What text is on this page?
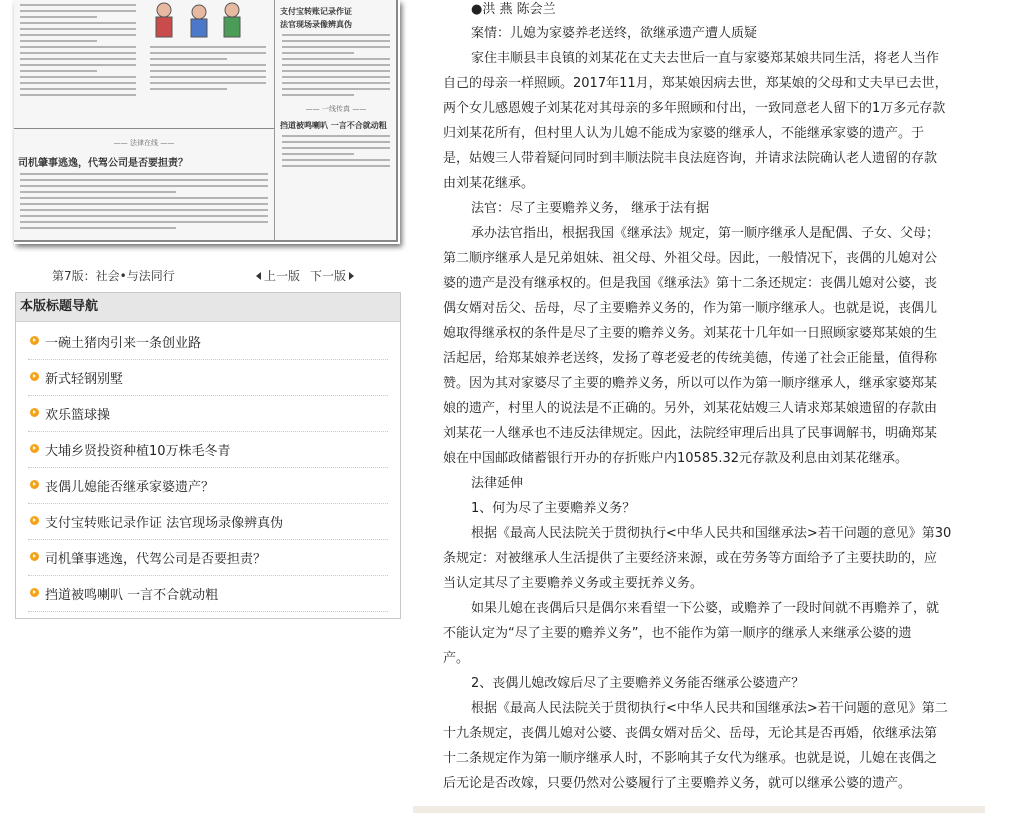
—— 法律在线 ——
司机肇事逃逸，代驾公司是否要担责？
支付宝转账记录作证
法官现场录像辨真伪
—— 一线传真 ——
挡道被鸣喇叭 一言不合就动粗
第7版：社会•与法同行	上一版 下一版
本版标题导航
一碗土猪肉引来一条创业路
新式轻钢别墅
欢乐篮球操
大埔乡贤投资种植10万株毛冬青
丧偶儿媳能否继承家婆遗产？
支付宝转账记录作证 法官现场录像辨真伪
司机肇事逃逸，代驾公司是否要担责？
挡道被鸣喇叭 一言不合就动粗
●洪 燕 陈会兰
案情：儿媳为家婆养老送终，欲继承遗产遭人质疑
家住丰顺县丰良镇的刘某花在丈夫去世后一直与家婆郑某娘共同生活，将老人当作
自己的母亲一样照顾。2017年11月，郑某娘因病去世，郑某娘的父母和丈夫早已去世，
两个女儿感恩嫂子刘某花对其母亲的多年照顾和付出，一致同意老人留下的1万多元存款
归刘某花所有，但村里人认为儿媳不能成为家婆的继承人，不能继承家婆的遗产。于
是，姑嫂三人带着疑问同时到丰顺法院丰良法庭咨询，并请求法院确认老人遗留的存款
由刘某花继承。
法官：尽了主要赡养义务， 继承于法有据
承办法官指出，根据我国《继承法》规定，第一顺序继承人是配偶、子女、父母；
第二顺序继承人是兄弟姐妹、祖父母、外祖父母。因此，一般情况下，丧偶的儿媳对公
婆的遗产是没有继承权的。但是我国《继承法》第十二条还规定：丧偶儿媳对公婆，丧
偶女婿对岳父、岳母，尽了主要赡养义务的，作为第一顺序继承人。也就是说，丧偶儿
媳取得继承权的条件是尽了主要的赡养义务。刘某花十几年如一日照顾家婆郑某娘的生
活起居，给郑某娘养老送终，发扬了尊老爱老的传统美德，传递了社会正能量，值得称
赞。因为其对家婆尽了主要的赡养义务，所以可以作为第一顺序继承人，继承家婆郑某
娘的遗产，村里人的说法是不正确的。另外，刘某花姑嫂三人请求郑某娘遗留的存款由
刘某花一人继承也不违反法律规定。因此，法院经审理后出具了民事调解书，明确郑某
娘在中国邮政储蓄银行开办的存折账户内10585.32元存款及利息由刘某花继承。
法律延伸
1、何为尽了主要赡养义务？
根据《最高人民法院关于贯彻执行<中华人民共和国继承法>若干问题的意见》第30
条规定：对被继承人生活提供了主要经济来源，或在劳务等方面给予了主要扶助的，应
当认定其尽了主要赡养义务或主要抚养义务。
如果儿媳在丧偶后只是偶尔来看望一下公婆，或赡养了一段时间就不再赡养了，就
不能认定为“尽了主要的赡养义务”，也不能作为第一顺序的继承人来继承公婆的遗
产。
2、丧偶儿媳改嫁后尽了主要赡养义务能否继承公婆遗产？
根据《最高人民法院关于贯彻执行<中华人民共和国继承法>若干问题的意见》第二
十九条规定，丧偶儿媳对公婆、丧偶女婿对岳父、岳母，无论其是否再婚，依继承法第
十二条规定作为第一顺序继承人时，不影响其子女代为继承。也就是说，儿媳在丧偶之
后无论是否改嫁，只要仍然对公婆履行了主要赡养义务，就可以继承公婆的遗产。
